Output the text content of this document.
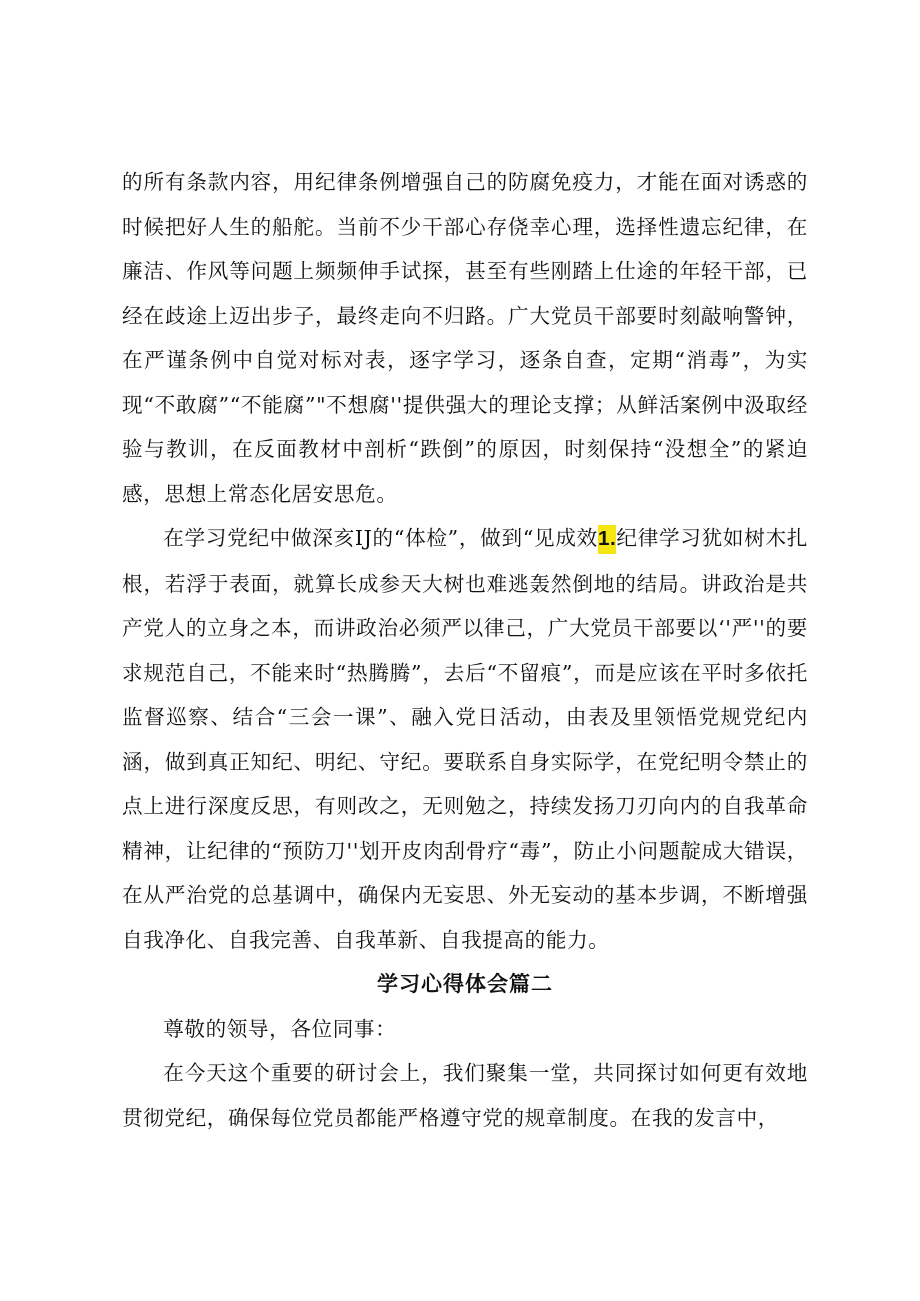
的所有条款内容，用纪律条例增强自己的防腐免疫力，才能在面对诱惑的时候把好人生的船舵。当前不少干部心存侥幸心理，选择性遗忘纪律，在廉洁、作风等问题上频频伸手试探，甚至有些刚踏上仕途的年轻干部，已经在歧途上迈出步子，最终走向不归路。广大党员干部要时刻敲响警钟，在严谨条例中自觉对标对表，逐字学习，逐条自查，定期“消毒”，为实现“不敢腐”“不能腐”"不想腐''提供强大的理论支撑；从鲜活案例中汲取经验与教训，在反面教材中剖析“跌倒”的原因，时刻保持“没想全”的紧迫感，思想上常态化居安思危。

在学习党纪中做深亥IJ的“体检”，做到“见成效1.纪律学习犹如树木扎根，若浮于表面，就算长成参天大树也难逃轰然倒地的结局。讲政治是共产党人的立身之本，而讲政治必须严以律己，广大党员干部要以‘'严''的要求规范自己，不能来时“热腾腾”，去后“不留痕”，而是应该在平时多依托监督巡察、结合“三会一课”、融入党日活动，由表及里领悟党规党纪内涵，做到真正知纪、明纪、守纪。要联系自身实际学，在党纪明令禁止的点上进行深度反思，有则改之，无则勉之，持续发扬刀刃向内的自我革命精神，让纪律的“预防刀''划开皮肉刮骨疗“毒”，防止小问题靛成大错误，在从严治党的总基调中，确保内无妄思、外无妄动的基本步调，不断增强自我净化、自我完善、自我革新、自我提高的能力。

学习心得体会篇二

尊敬的领导，各位同事：

在今天这个重要的研讨会上，我们聚集一堂，共同探讨如何更有效地贯彻党纪，确保每位党员都能严格遵守党的规章制度。在我的发言中，
